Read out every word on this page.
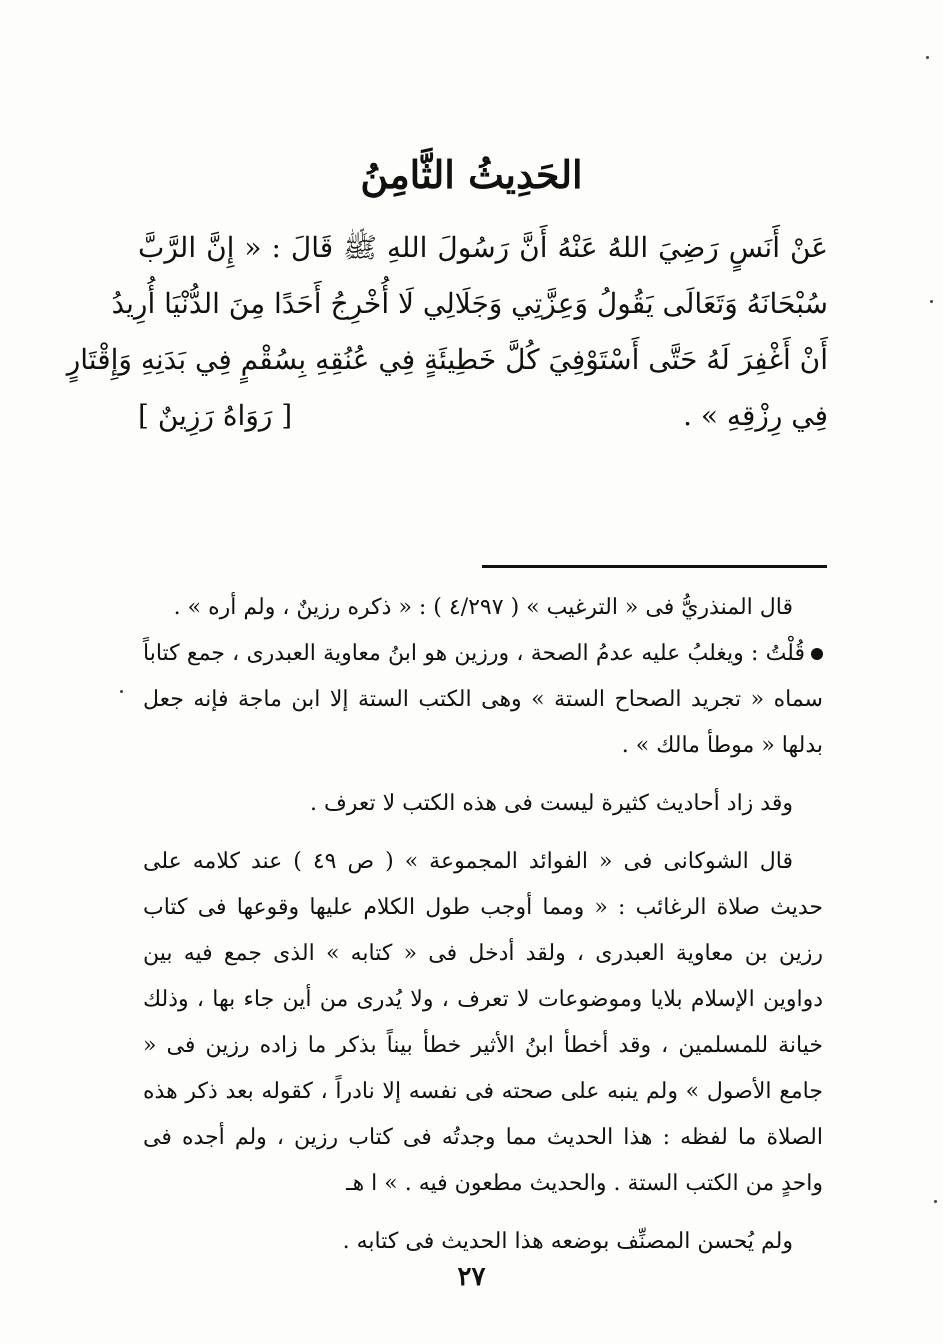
الحَدِيثُ الثَّامِنُ
عَنْ أَنَسٍ رَضِيَ اللهُ عَنْهُ أَنَّ رَسُولَ اللهِ ﷺ قَالَ : « إِنَّ الرَّبَّ
سُبْحَانَهُ وَتَعَالَى يَقُولُ وَعِزَّتِي وَجَلَالِي لَا أُخْرِجُ أَحَدًا مِنَ الدُّنْيَا أُرِيدُ
أَنْ أَغْفِرَ لَهُ حَتَّى أَسْتَوْفِيَ كُلَّ خَطِيئَةٍ فِي عُنُقِهِ بِسُقْمٍ فِي بَدَنِهِ وَإِقْتَارٍ
فِي رِزْقِهِ » .
[ رَوَاهُ رَزِينٌ ]

قال المنذريُّ فى « الترغيب » ( ٤/٢٩٧ ) : « ذكره رزينٌ ، ولم أره » .

قُلْتُ : ويغلبُ عليه عدمُ الصحة ، ورزين هو ابنُ معاوية العبدرى ، جمع كتاباً سماه « تجريد الصحاح الستة » وهى الكتب الستة إلا ابن ماجة فإنه جعل بدلها « موطأ مالك » .

وقد زاد أحاديث كثيرة ليست فى هذه الكتب لا تعرف .

قال الشوكانى فى « الفوائد المجموعة » ( ص ٤٩ ) عند كلامه على حديث صلاة الرغائب : « ومما أوجب طول الكلام عليها وقوعها فى كتاب رزين بن معاوية العبدرى ، ولقد أدخل فى « كتابه » الذى جمع فيه بين دواوين الإسلام بلايا وموضوعات لا تعرف ، ولا يُدرى من أين جاء بها ، وذلك خيانة للمسلمين ، وقد أخطأ ابنُ الأثير خطأ بيناً بذكر ما زاده رزين فى « جامع الأصول » ولم ينبه على صحته فى نفسه إلا نادراً ، كقوله بعد ذكر هذه الصلاة ما لفظه : هذا الحديث مما وجدتُه فى كتاب رزين ، ولم أجده فى واحدٍ من الكتب الستة . والحديث مطعون فيه . » ا هـ

ولم يُحسن المصنِّف بوضعه هذا الحديث فى كتابه .

٢٧
